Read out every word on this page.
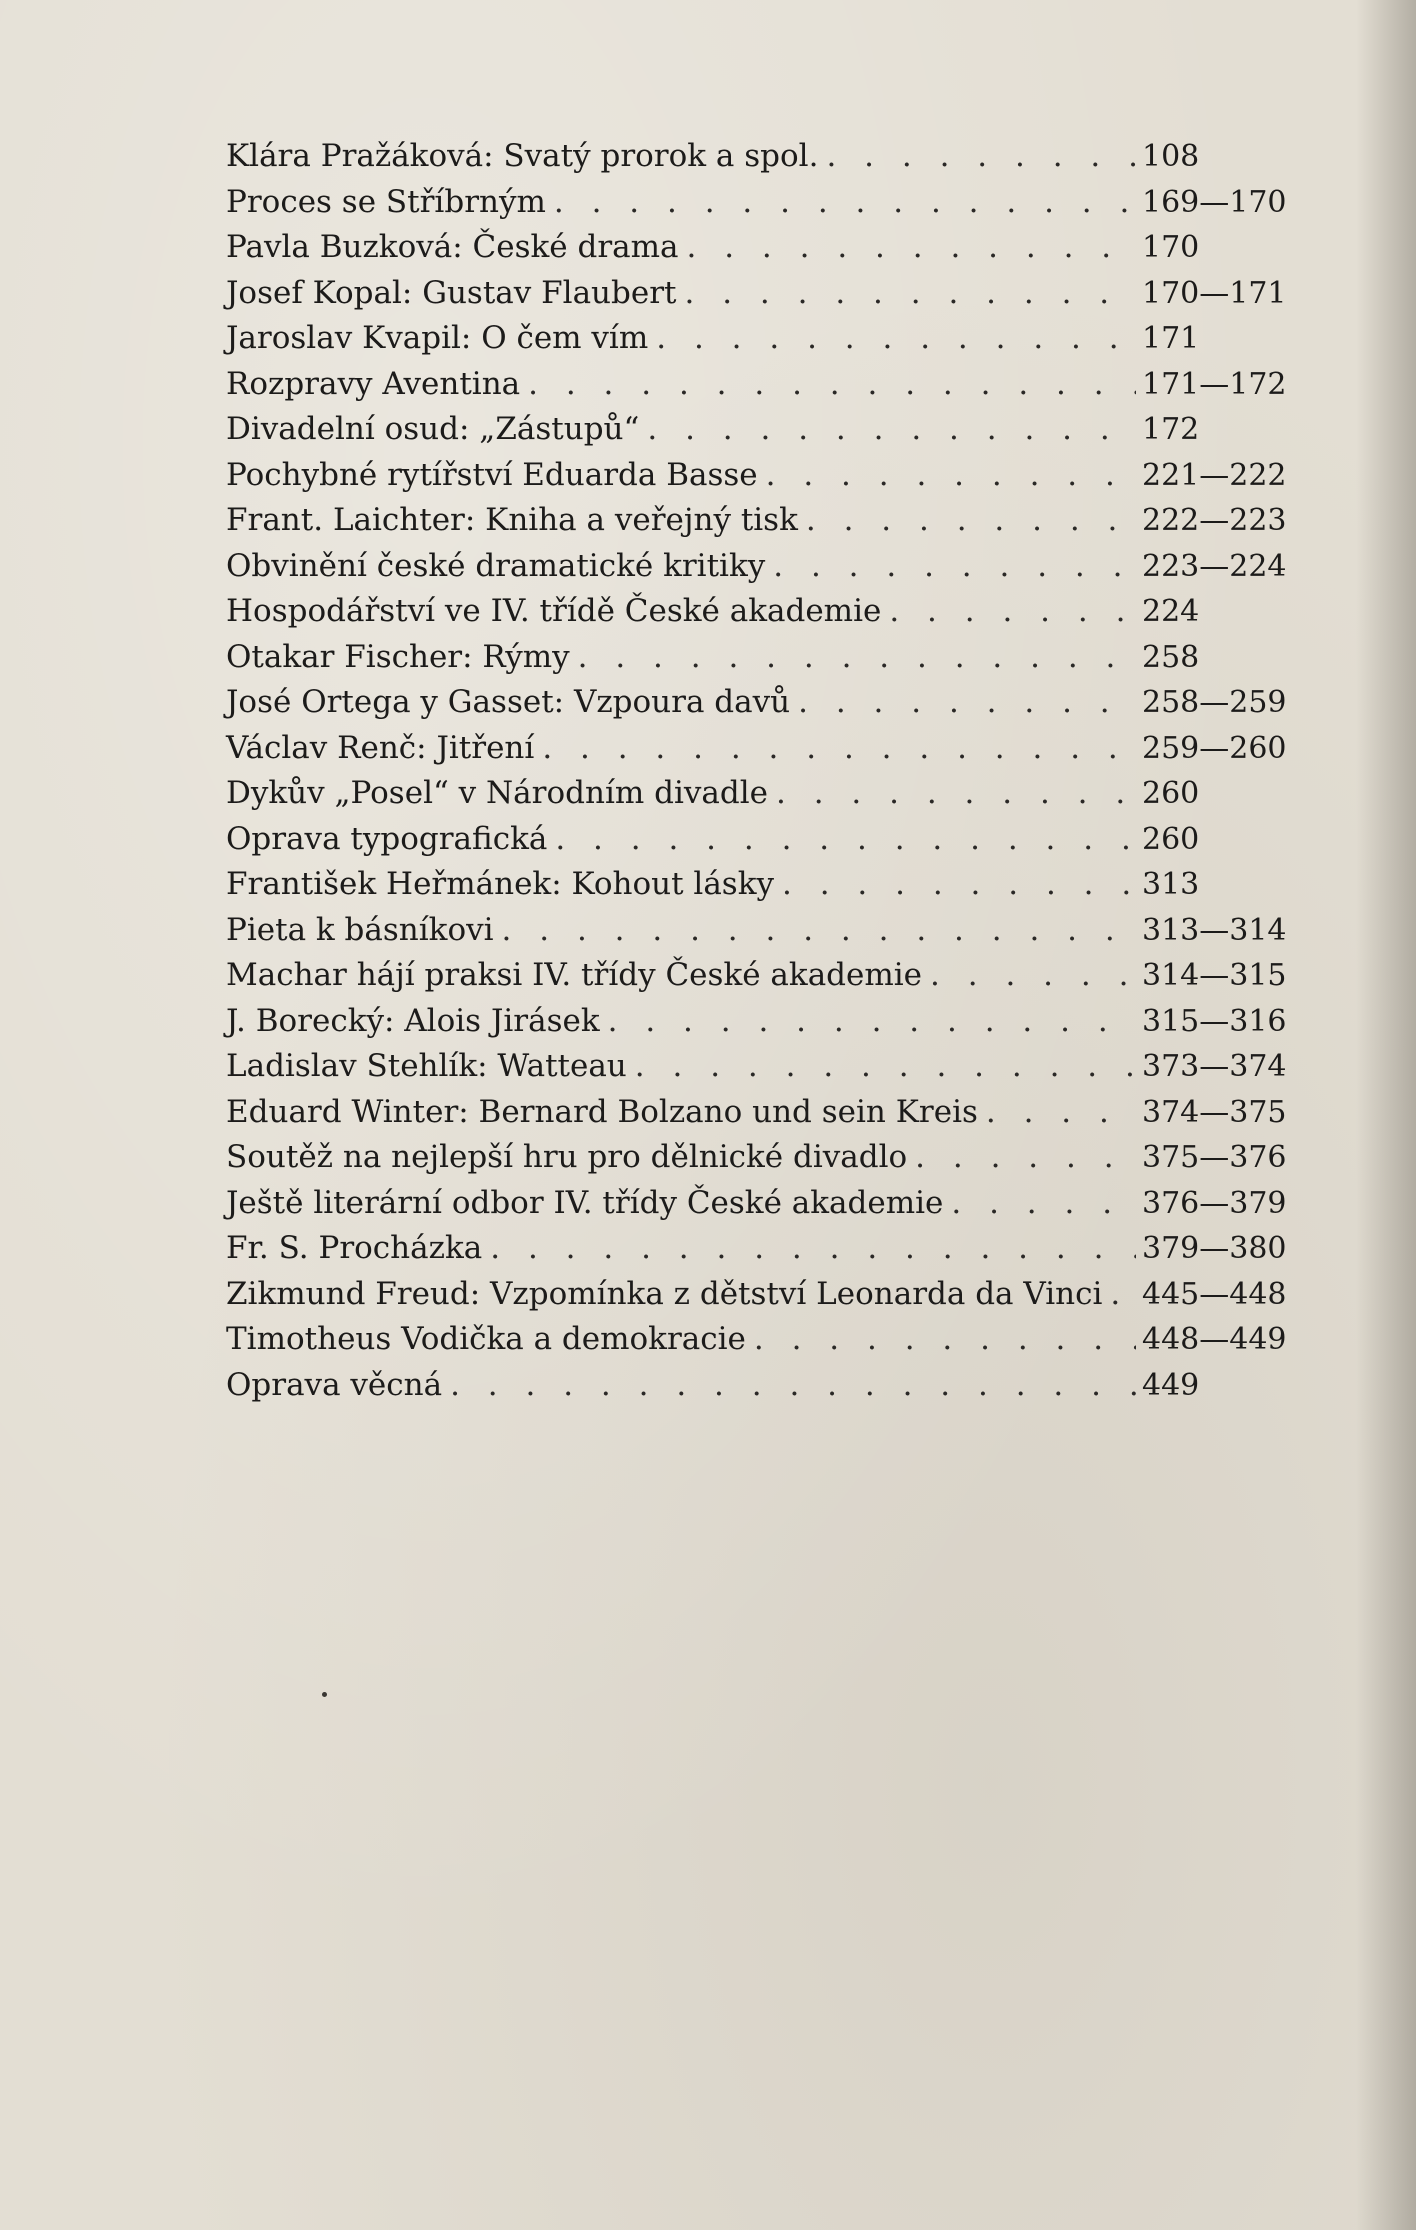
Klára Pražáková: Svatý prorok a spol. . . .	108
Proces se Stříbrným . . .	169—170
Pavla Buzková: České drama . . .	170
Josef Kopal: Gustav Flaubert . . .	170—171
Jaroslav Kvapil: O čem vím . . .	171
Rozpravy Aventina . . .	171—172
Divadelní osud: „Zástupů“ . . .	172
Pochybné rytířství Eduarda Basse . . .	221—222
Frant. Laichter: Kniha a veřejný tisk . . .	222—223
Obvinění české dramatické kritiky . . .	223—224
Hospodářství ve IV. třídě České akademie . . .	224
Otakar Fischer: Rýmy . . .	258
José Ortega y Gasset: Vzpoura davů . . .	258—259
Václav Renč: Jitření . . .	259—260
Dykův „Posel“ v Národním divadle . . .	260
Oprava typografická . . .	260
František Heřmánek: Kohout lásky . . .	313
Pieta k básníkovi . . .	313—314
Machar hájí praksi IV. třídy České akademie . . .	314—315
J. Borecký: Alois Jirásek . . .	315—316
Ladislav Stehlík: Watteau . . .	373—374
Eduard Winter: Bernard Bolzano und sein Kreis . . .	374—375
Soutěž na nejlepší hru pro dělnické divadlo . . .	375—376
Ještě literární odbor IV. třídy České akademie . . .	376—379
Fr. S. Procházka . . .	379—380
Zikmund Freud: Vzpomínka z dětství Leonarda da Vinci . . . 445—448
Timotheus Vodička a demokracie . . .	448—449
Oprava věcná . . .	449
